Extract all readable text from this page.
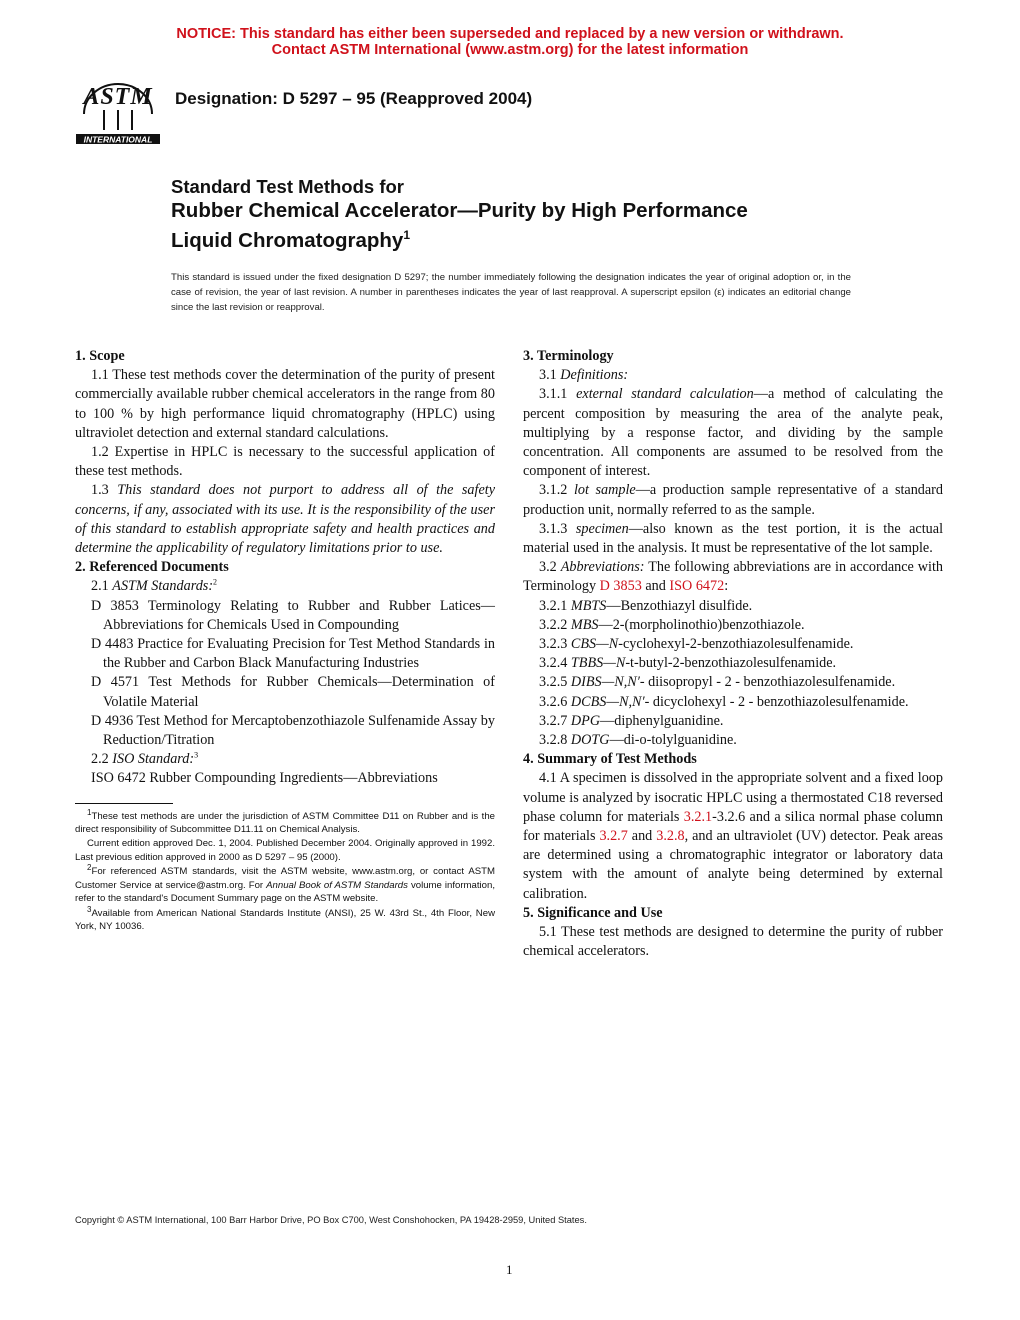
NOTICE: This standard has either been superseded and replaced by a new version or withdrawn.
Contact ASTM International (www.astm.org) for the latest information
ASTM
INTERNATIONAL
Designation: D 5297 – 95 (Reapproved 2004)
Standard Test Methods for
Rubber Chemical Accelerator—Purity by High Performance
Liquid Chromatography$^1$
This standard is issued under the fixed designation D 5297; the number immediately following the designation indicates the year of original adoption or, in the case of revision, the year of last revision. A number in parentheses indicates the year of last reapproval. A superscript epsilon (ε) indicates an editorial change since the last revision or reapproval.

1. Scope

1.1 These test methods cover the determination of the purity of present commercially available rubber chemical accelerators in the range from 80 to 100 % by high performance liquid chromatography (HPLC) using ultraviolet detection and external standard calculations.

1.2 Expertise in HPLC is necessary to the successful application of these test methods.

1.3 This standard does not purport to address all of the safety concerns, if any, associated with its use. It is the responsibility of the user of this standard to establish appropriate safety and health practices and determine the applicability of regulatory limitations prior to use.

2. Referenced Documents

2.1 ASTM Standards:$^2$

D 3853 Terminology Relating to Rubber and Rubber Latices—Abbreviations for Chemicals Used in Compounding

D 4483 Practice for Evaluating Precision for Test Method Standards in the Rubber and Carbon Black Manufacturing Industries

D 4571 Test Methods for Rubber Chemicals—Determination of Volatile Material

D 4936 Test Method for Mercaptobenzothiazole Sulfenamide Assay by Reduction/Titration

2.2 ISO Standard:$^3$

ISO 6472 Rubber Compounding Ingredients—Abbreviations

$^1$These test methods are under the jurisdiction of ASTM Committee D11 on Rubber and is the direct responsibility of Subcommittee D11.11 on Chemical Analysis.

Current edition approved Dec. 1, 2004. Published December 2004. Originally approved in 1992. Last previous edition approved in 2000 as D 5297 – 95 (2000).

$^2$For referenced ASTM standards, visit the ASTM website, www.astm.org, or contact ASTM Customer Service at service@astm.org. For Annual Book of ASTM Standards volume information, refer to the standard's Document Summary page on the ASTM website.

$^3$Available from American National Standards Institute (ANSI), 25 W. 43rd St., 4th Floor, New York, NY 10036.

3. Terminology

3.1 Definitions:

3.1.1 external standard calculation—a method of calculating the percent composition by measuring the area of the analyte peak, multiplying by a response factor, and dividing by the sample concentration. All components are assumed to be resolved from the component of interest.

3.1.2 lot sample—a production sample representative of a standard production unit, normally referred to as the sample.

3.1.3 specimen—also known as the test portion, it is the actual material used in the analysis. It must be representative of the lot sample.

3.2 Abbreviations: The following abbreviations are in accordance with Terminology D 3853 and ISO 6472:

3.2.1 MBTS—Benzothiazyl disulfide.

3.2.2 MBS—2-(morpholinothio)benzothiazole.

3.2.3 CBS—N-cyclohexyl-2-benzothiazolesulfenamide.

3.2.4 TBBS—N-t-butyl-2-benzothiazolesulfenamide.

3.2.5 DIBS—N,N′- diisopropyl - 2 - benzothiazolesulfenamide.

3.2.6 DCBS—N,N′- dicyclohexyl - 2 - benzothiazolesulfenamide.

3.2.7 DPG—diphenylguanidine.

3.2.8 DOTG—di-o-tolylguanidine.

4. Summary of Test Methods

4.1 A specimen is dissolved in the appropriate solvent and a fixed loop volume is analyzed by isocratic HPLC using a thermostated C18 reversed phase column for materials 3.2.1-3.2.6 and a silica normal phase column for materials 3.2.7 and 3.2.8, and an ultraviolet (UV) detector. Peak areas are determined using a chromatographic integrator or laboratory data system with the amount of analyte being determined by external calibration.

5. Significance and Use

5.1 These test methods are designed to determine the purity of rubber chemical accelerators.

Copyright © ASTM International, 100 Barr Harbor Drive, PO Box C700, West Conshohocken, PA 19428-2959, United States.
1
